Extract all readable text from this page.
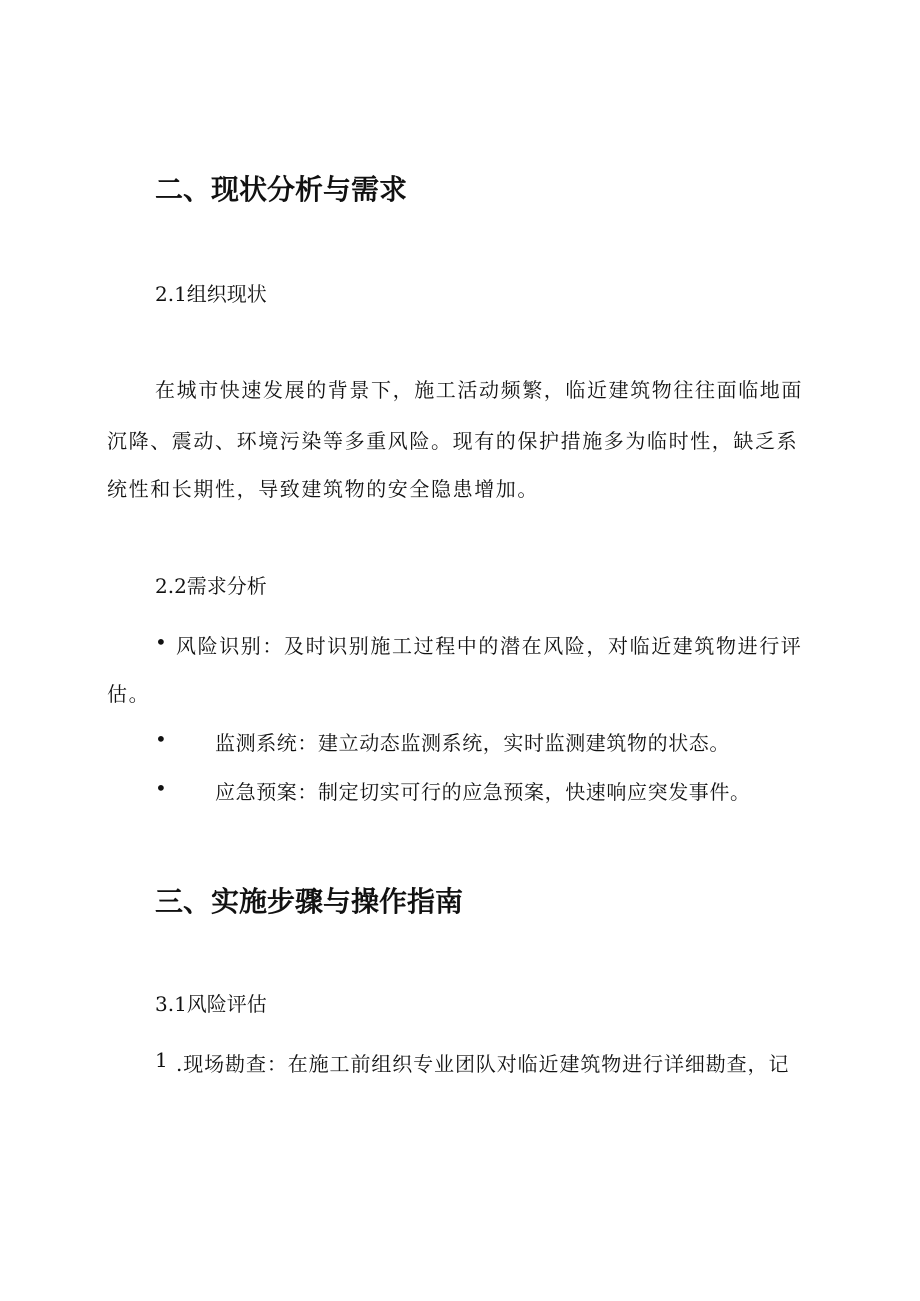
二、现状分析与需求
2.1组织现状

在城市快速发展的背景下，施工活动频繁，临近建筑物往往面临地面

沉降、震动、环境污染等多重风险。现有的保护措施多为临时性，缺乏系

统性和长期性，导致建筑物的安全隐患增加。

2.2需求分析
• 风险识别：及时识别施工过程中的潜在风险，对临近建筑物进行评

估。

• 监测系统：建立动态监测系统，实时监测建筑物的状态。

• 应急预案：制定切实可行的应急预案，快速响应突发事件。

三、实施步骤与操作指南
3.1风险评估
1 .现场勘查：在施工前组织专业团队对临近建筑物进行详细勘查，记
